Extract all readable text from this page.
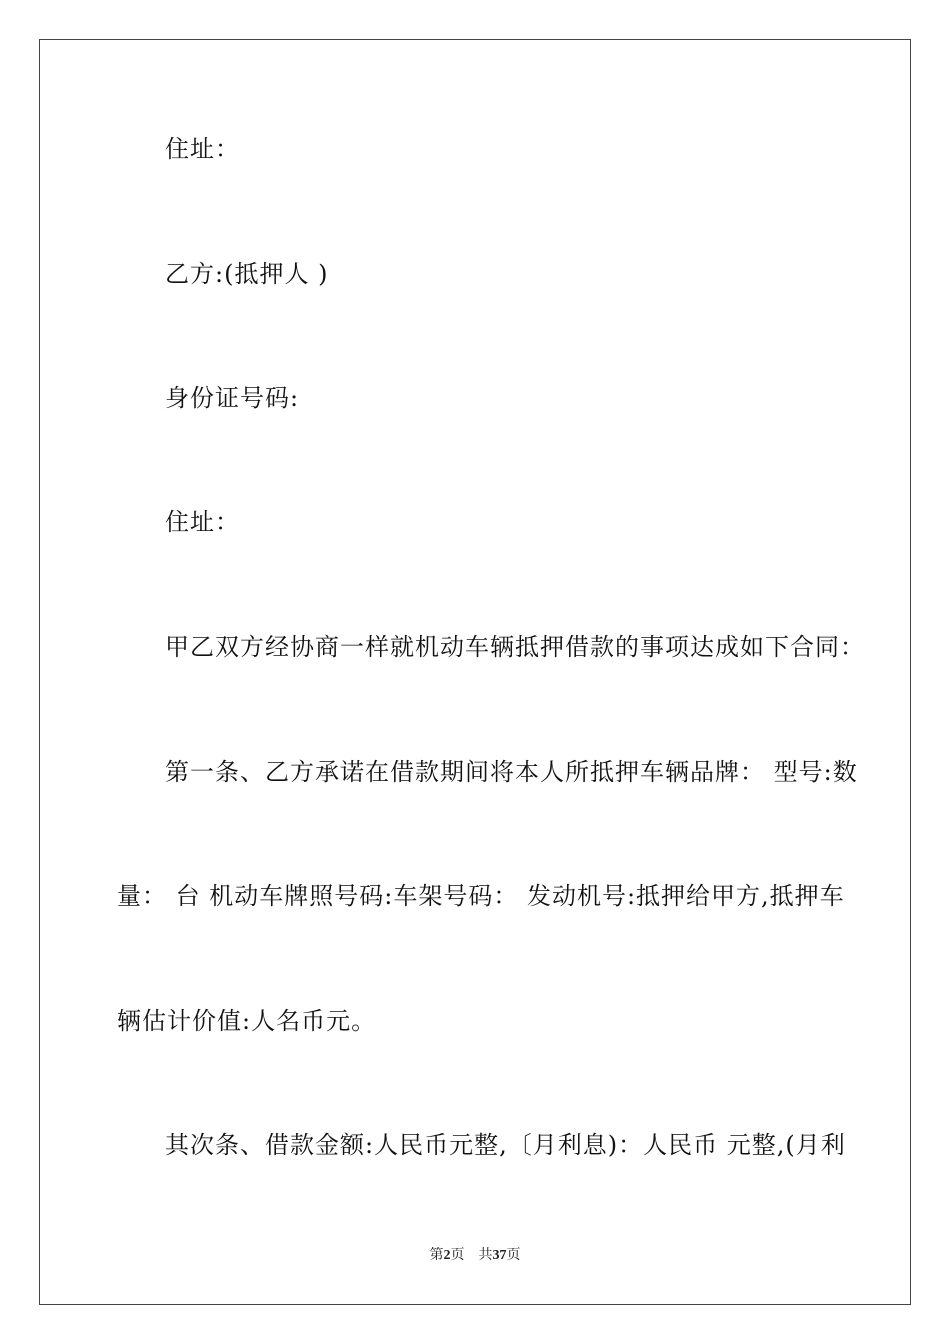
住址：
乙方:(抵押人 )
身份证号码:
住址：
甲乙双方经协商一样就机动车辆抵押借款的事项达成如下合同：
第一条、乙方承诺在借款期间将本人所抵押车辆品牌： 型号:数
量： 台 机动车牌照号码:车架号码： 发动机号:抵押给甲方,抵押车
辆估计价值:人名币元。
其次条、借款金额:人民币元整,〔月利息)：人民币 元整,(月利
第2页 共37页
